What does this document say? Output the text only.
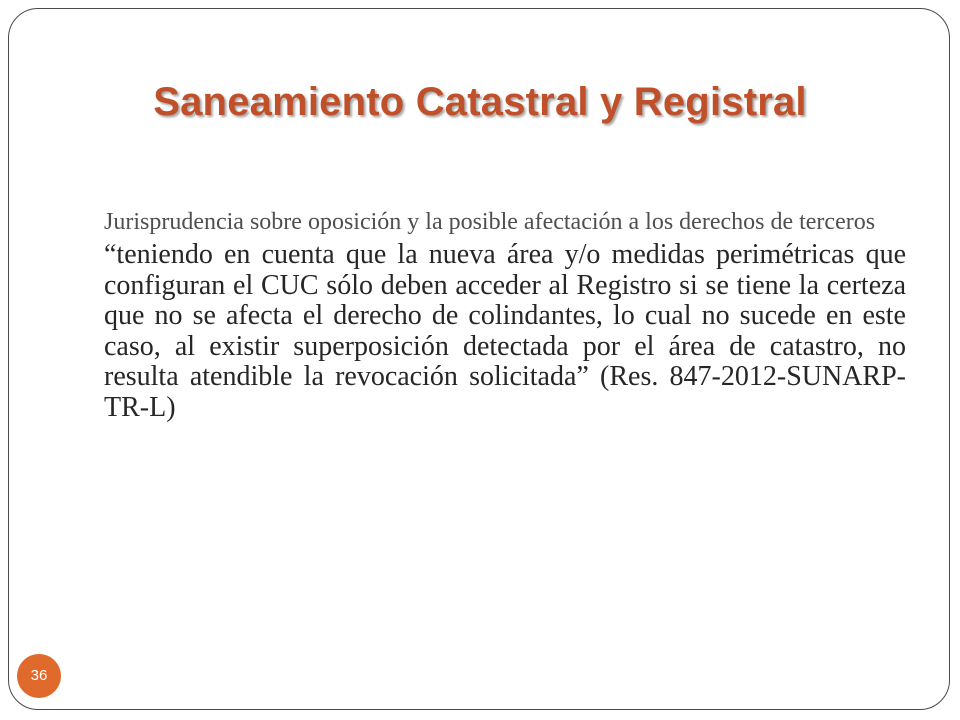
Saneamiento Catastral y Registral

Jurisprudencia sobre oposición y la posible afectación a los derechos de terceros

“teniendo en cuenta que la nueva área y/o medidas perimétricas que configuran el CUC sólo deben acceder al Registro si se tiene la certeza que no se afecta el derecho de colindantes, lo cual no sucede en este caso, al existir superposición detectada por el área de catastro, no resulta atendible la revocación solicitada” (Res. 847-2012-SUNARP-TR-L)

36
